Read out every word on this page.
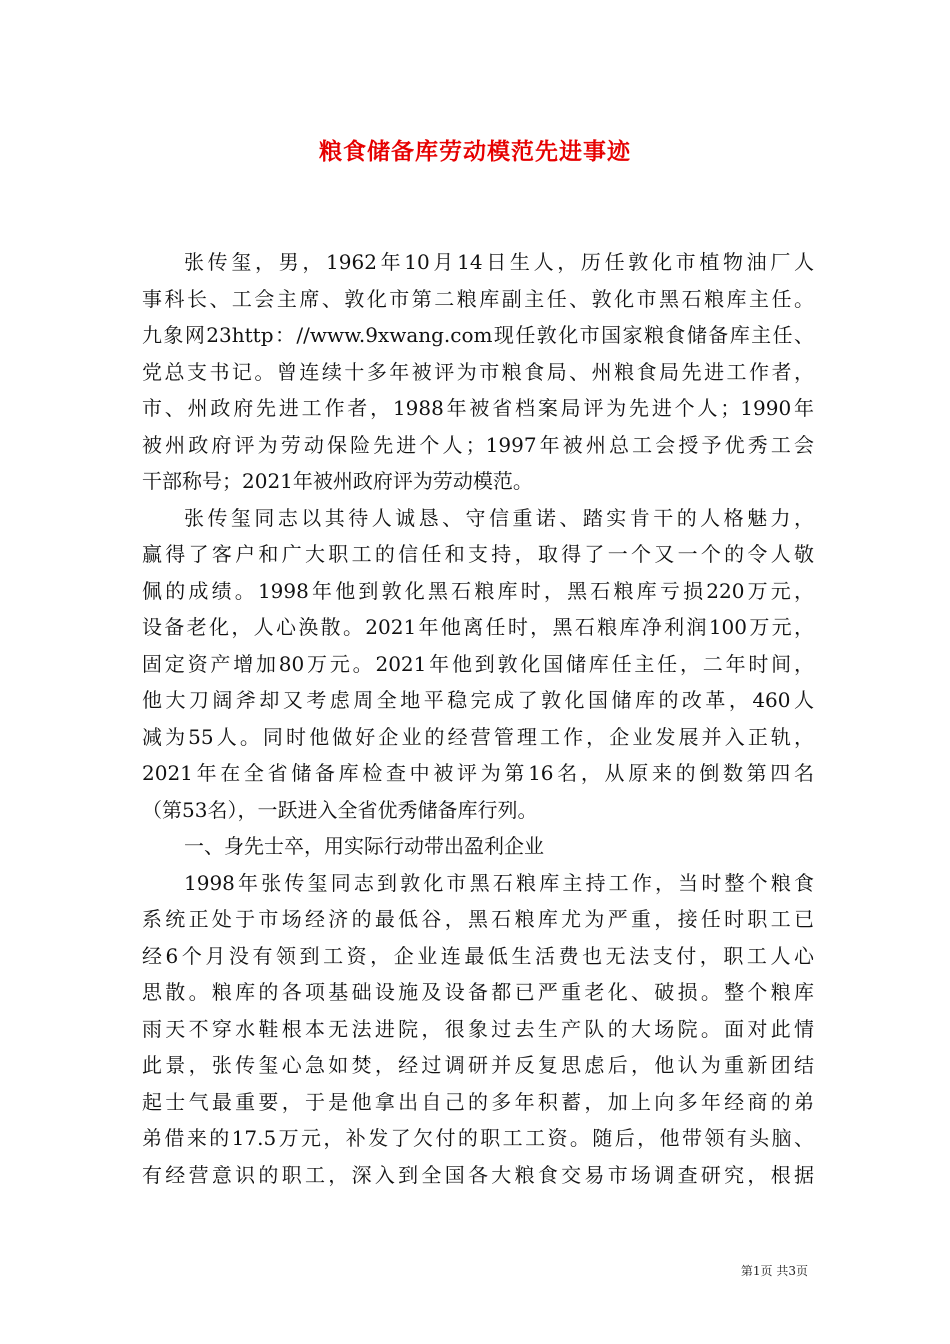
粮食储备库劳动模范先进事迹
张传玺，男，1962年10月14日生人，历任敦化市植物油厂人
事科长、工会主席、敦化市第二粮库副主任、敦化市黑石粮库主任。
九象网23http：//www.9xwang.com现任敦化市国家粮食储备库主任、
党总支书记。曾连续十多年被评为市粮食局、州粮食局先进工作者，
市、州政府先进工作者，1988年被省档案局评为先进个人；1990年
被州政府评为劳动保险先进个人；1997年被州总工会授予优秀工会
干部称号；2021年被州政府评为劳动模范。
张传玺同志以其待人诚恳、守信重诺、踏实肯干的人格魅力，
赢得了客户和广大职工的信任和支持，取得了一个又一个的令人敬
佩的成绩。1998年他到敦化黑石粮库时，黑石粮库亏损220万元，
设备老化，人心涣散。2021年他离任时，黑石粮库净利润100万元，
固定资产增加80万元。2021年他到敦化国储库任主任，二年时间，
他大刀阔斧却又考虑周全地平稳完成了敦化国储库的改革，460人
减为55人。同时他做好企业的经营管理工作，企业发展并入正轨，
2021年在全省储备库检查中被评为第16名，从原来的倒数第四名
（第53名），一跃进入全省优秀储备库行列。
一、身先士卒，用实际行动带出盈利企业
1998年张传玺同志到敦化市黑石粮库主持工作，当时整个粮食
系统正处于市场经济的最低谷，黑石粮库尤为严重，接任时职工已
经6个月没有领到工资，企业连最低生活费也无法支付，职工人心
思散。粮库的各项基础设施及设备都已严重老化、破损。整个粮库
雨天不穿水鞋根本无法进院，很象过去生产队的大场院。面对此情
此景，张传玺心急如焚，经过调研并反复思虑后，他认为重新团结
起士气最重要，于是他拿出自己的多年积蓄，加上向多年经商的弟
弟借来的17.5万元，补发了欠付的职工工资。随后，他带领有头脑、
有经营意识的职工，深入到全国各大粮食交易市场调查研究，根据
第1页 共3页
